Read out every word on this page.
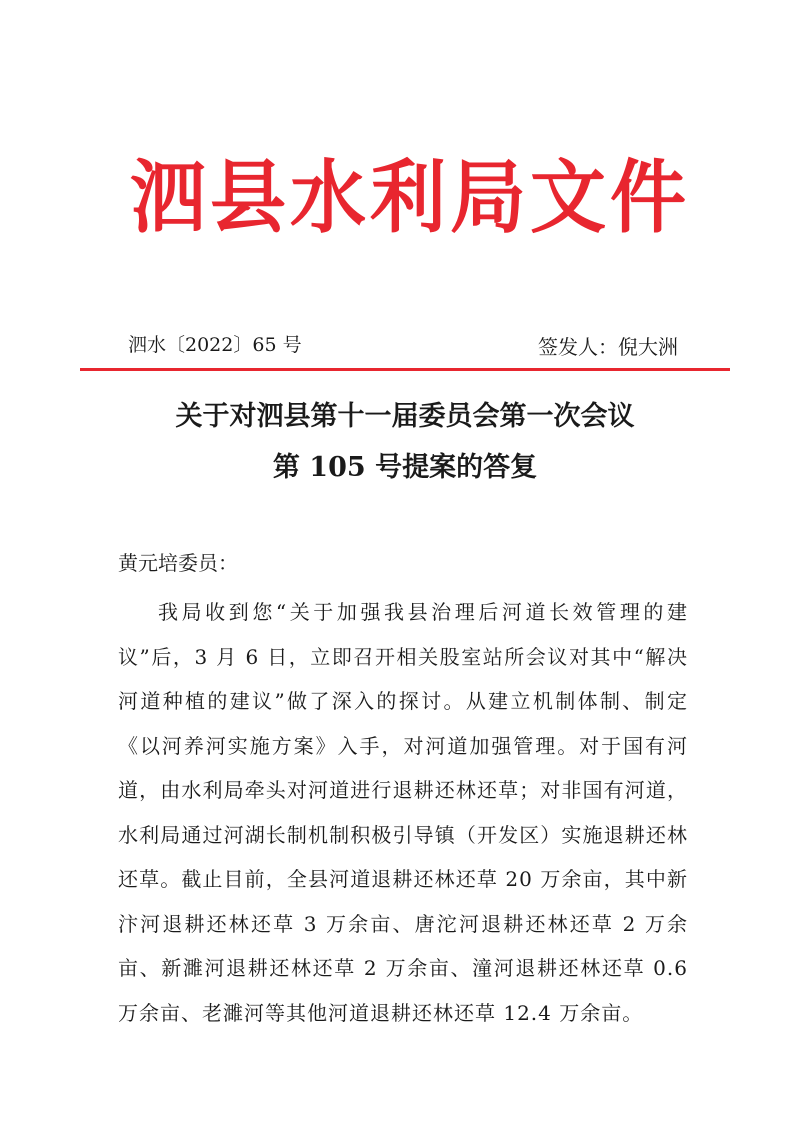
泗县水利局文件
泗水〔2022〕65 号	签发人：倪大洲
关于对泗县第十一届委员会第一次会议
第 105 号提案的答复
黄元培委员：
我局收到您“关于加强我县治理后河道长效管理的建议”后，3 月 6 日，立即召开相关股室站所会议对其中“解决河道种植的建议”做了深入的探讨。从建立机制体制、制定《以河养河实施方案》入手，对河道加强管理。对于国有河道，由水利局牵头对河道进行退耕还林还草；对非国有河道，水利局通过河湖长制机制积极引导镇（开发区）实施退耕还林还草。截止目前，全县河道退耕还林还草 20 万余亩，其中新汴河退耕还林还草 3 万余亩、唐沱河退耕还林还草 2 万余亩、新濉河退耕还林还草 2 万余亩、潼河退耕还林还草 0.6 万余亩、老濉河等其他河道退耕还林还草 12.4 万余亩。
